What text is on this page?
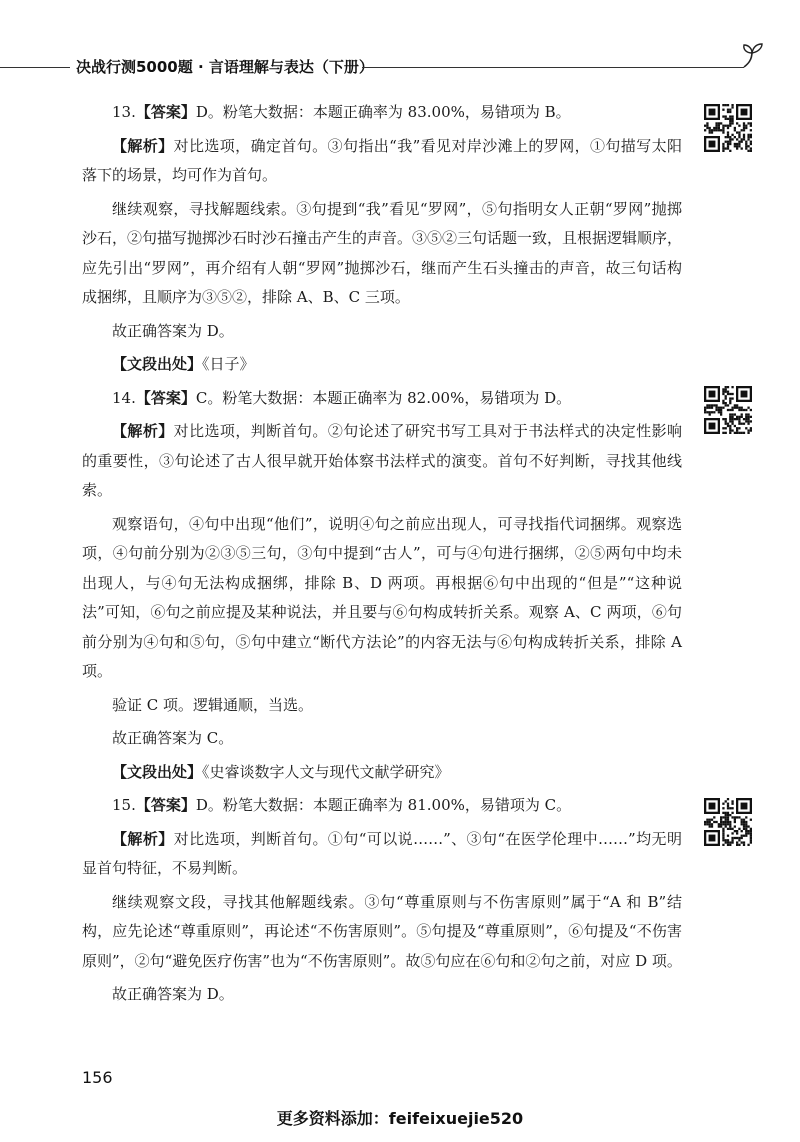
决战行测5000题 · 言语理解与表达（下册）

13.【答案】D。粉笔大数据：本题正确率为 83.00%，易错项为 B。

【解析】对比选项，确定首句。③句指出“我”看见对岸沙滩上的罗网，①句描写太阳落下的场景，均可作为首句。

继续观察，寻找解题线索。③句提到“我”看见“罗网”，⑤句指明女人正朝“罗网”抛掷沙石，②句描写抛掷沙石时沙石撞击产生的声音。③⑤②三句话题一致，且根据逻辑顺序，应先引出“罗网”，再介绍有人朝“罗网”抛掷沙石，继而产生石头撞击的声音，故三句话构成捆绑，且顺序为③⑤②，排除 A、B、C 三项。

故正确答案为 D。

【文段出处】《日子》

14.【答案】C。粉笔大数据：本题正确率为 82.00%，易错项为 D。

【解析】对比选项，判断首句。②句论述了研究书写工具对于书法样式的决定性影响的重要性，③句论述了古人很早就开始体察书法样式的演变。首句不好判断，寻找其他线索。

观察语句，④句中出现“他们”，说明④句之前应出现人，可寻找指代词捆绑。观察选项，④句前分别为②③⑤三句，③句中提到“古人”，可与④句进行捆绑，②⑤两句中均未出现人，与④句无法构成捆绑，排除 B、D 两项。再根据⑥句中出现的“但是”“这种说法”可知，⑥句之前应提及某种说法，并且要与⑥句构成转折关系。观察 A、C 两项，⑥句前分别为④句和⑤句，⑤句中建立“断代方法论”的内容无法与⑥句构成转折关系，排除 A 项。

验证 C 项。逻辑通顺，当选。

故正确答案为 C。

【文段出处】《史睿谈数字人文与现代文献学研究》

15.【答案】D。粉笔大数据：本题正确率为 81.00%，易错项为 C。

【解析】对比选项，判断首句。①句“可以说……”、③句“在医学伦理中……”均无明显首句特征，不易判断。

继续观察文段，寻找其他解题线索。③句“尊重原则与不伤害原则”属于“A 和 B”结构，应先论述“尊重原则”，再论述“不伤害原则”。⑤句提及“尊重原则”，⑥句提及“不伤害原则”，②句“避免医疗伤害”也为“不伤害原则”。故⑤句应在⑥句和②句之前，对应 D 项。

故正确答案为 D。

156
更多资料添加：feifeixuejie520
